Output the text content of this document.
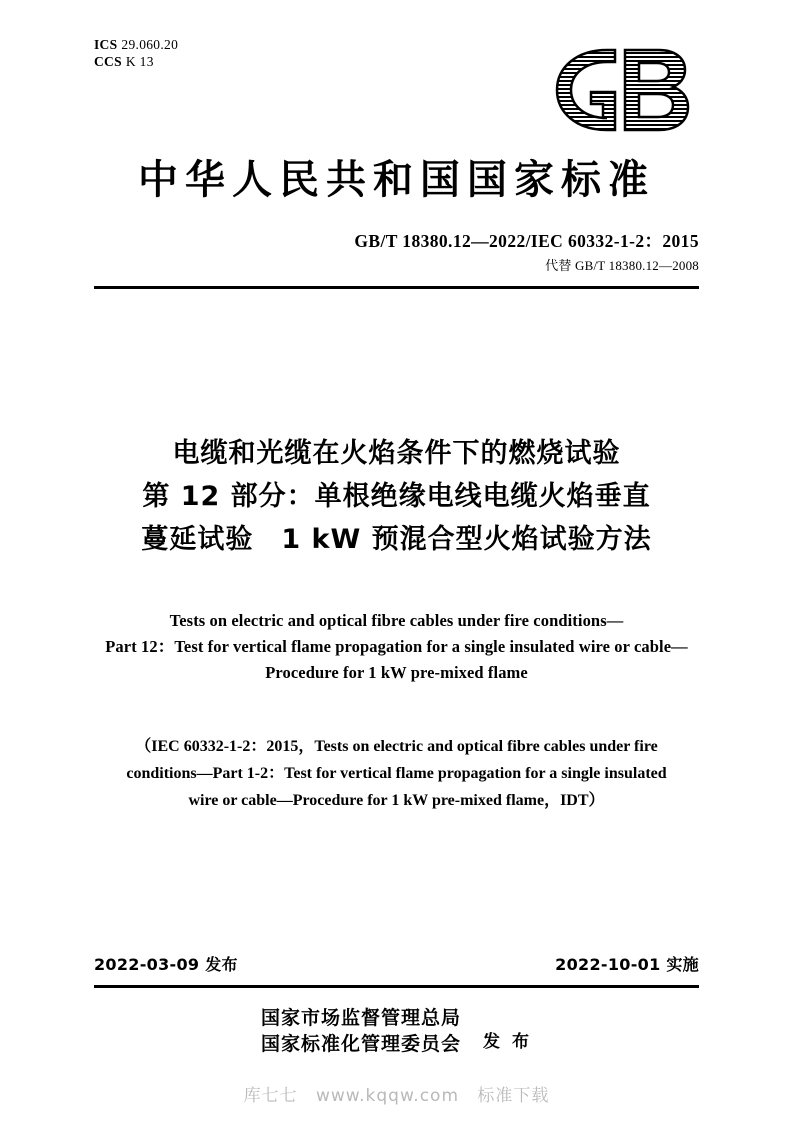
ICS 29.060.20
CCS K 13
中华人民共和国国家标准
GB/T 18380.12—2022/IEC 60332-1-2：2015
代替 GB/T 18380.12—2008
电缆和光缆在火焰条件下的燃烧试验
第 12 部分：单根绝缘电线电缆火焰垂直
蔓延试验　1 kW 预混合型火焰试验方法
Tests on electric and optical fibre cables under fire conditions—
Part 12：Test for vertical flame propagation for a single insulated wire or cable—
Procedure for 1 kW pre-mixed flame
（IEC 60332-1-2：2015，Tests on electric and optical fibre cables under fire
conditions—Part 1-2：Test for vertical flame propagation for a single insulated
wire or cable—Procedure for 1 kW pre-mixed flame，IDT）
2022-03-09 发布	2022-10-01 实施
国家市场监督管理总局
国家标准化管理委员会 发 布
库七七 www.kqqw.com 标准下载
